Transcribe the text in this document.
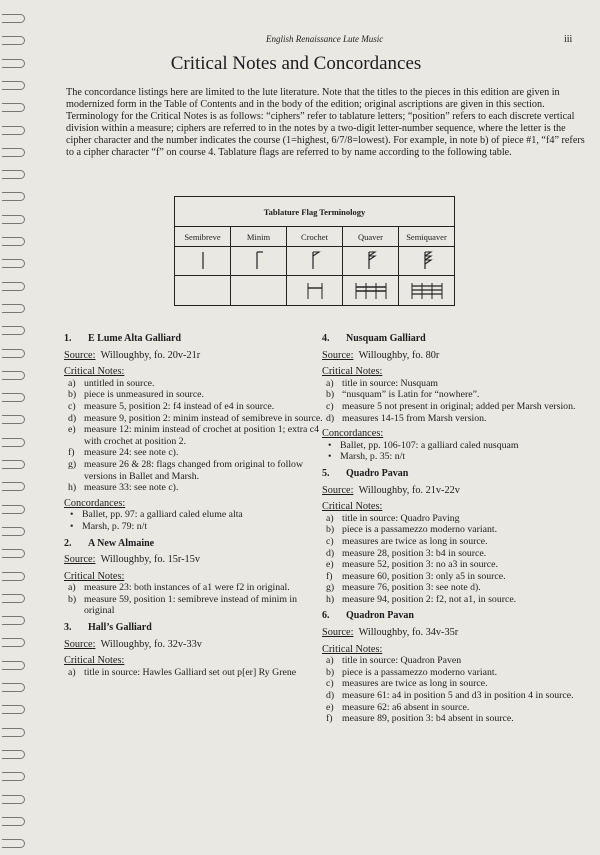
English Renaissance Lute Music	iii
Critical Notes and Concordances

The concordance listings here are limited to the lute literature. Note that the titles to the pieces in this edition are given in modernized form in the Table of Contents and in the body of the edition; original ascriptions are given in this section. Terminology for the Critical Notes is as follows: “ciphers” refer to tablature letters; “position” refers to each discrete vertical division within a measure; ciphers are referred to in the notes by a two-digit letter-number sequence, where the letter is the cipher character and the number indicates the course (1=highest, 6/7/8=lowest). For example, in note b) of piece #1, “f4” refers to a cipher character “f” on course 4. Tablature flags are referred to by name according to the following table.

Tablature Flag Terminology				
Semibreve	Minim	Crochet	Quaver	Semiquaver

1. E Lume Alta Galliard
Source: Willoughby, fo. 20v-21r
Critical Notes:
a) untitled in source.
b) piece is unmeasured in source.
c) measure 5, position 2: f4 instead of e4 in source.
d) measure 9, position 2: minim instead of semibreve in source.
e) measure 12: minim instead of crochet at position 1; extra c4 with crochet at position 2.
f) measure 24: see note c).
g) measure 26 & 28: flags changed from original to follow versions in Ballet and Marsh.
h) measure 33: see note c).
Concordances:
• Ballet, pp. 97: a galliard caled elume alta
• Marsh, p. 79: n/t
2. A New Almaine
Source: Willoughby, fo. 15r-15v
Critical Notes:
a) measure 23: both instances of a1 were f2 in original.
b) measure 59, position 1: semibreve instead of minim in original
3. Hall’s Galliard
Source: Willoughby, fo. 32v-33v
Critical Notes:
a) title in source: Hawles Galliard set out p[er] Ry Grene
4. Nusquam Galliard
Source: Willoughby, fo. 80r
Critical Notes:
a) title in source: Nusquam
b) “nusquam” is Latin for “nowhere”.
c) measure 5 not present in original; added per Marsh version.
d) measures 14-15 from Marsh version.
Concordances:
• Ballet, pp. 106-107: a galliard caled nusquam
• Marsh, p. 35: n/t
5. Quadro Pavan
Source: Willoughby, fo. 21v-22v
Critical Notes:
a) title in source: Quadro Paving
b) piece is a passamezzo moderno variant.
c) measures are twice as long in source.
d) measure 28, position 3: b4 in source.
e) measure 52, position 3: no a3 in source.
f) measure 60, position 3: only a5 in source.
g) measure 76, position 3: see note d).
h) measure 94, position 2: f2, not a1, in source.
6. Quadron Pavan
Source: Willoughby, fo. 34v-35r
Critical Notes:
a) title in source: Quadron Paven
b) piece is a passamezzo moderno variant.
c) measures are twice as long in source.
d) measure 61: a4 in position 5 and d3 in position 4 in source.
e) measure 62: a6 absent in source.
f) measure 89, position 3: b4 absent in source.
